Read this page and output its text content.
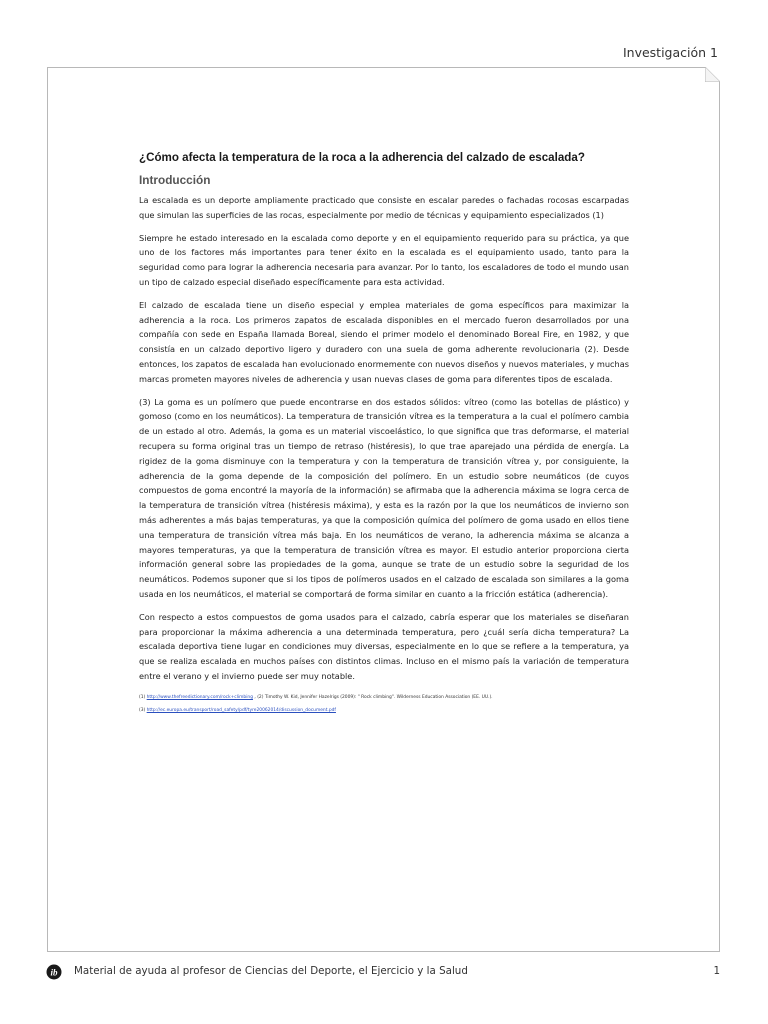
Investigación 1
¿Cómo afecta la temperatura de la roca a la adherencia del calzado de escalada?
Introducción

La escalada es un deporte ampliamente practicado que consiste en escalar paredes o fachadas rocosas escarpadas que simulan las superficies de las rocas, especialmente por medio de técnicas y equipamiento especializados (1)

Siempre he estado interesado en la escalada como deporte y en el equipamiento requerido para su práctica, ya que uno de los factores más importantes para tener éxito en la escalada es el equipamiento usado, tanto para la seguridad como para lograr la adherencia necesaria para avanzar. Por lo tanto, los escaladores de todo el mundo usan un tipo de calzado especial diseñado específicamente para esta actividad.

El calzado de escalada tiene un diseño especial y emplea materiales de goma específicos para maximizar la adherencia a la roca. Los primeros zapatos de escalada disponibles en el mercado fueron desarrollados por una compañía con sede en España llamada Boreal, siendo el primer modelo el denominado Boreal Fire, en 1982, y que consistía en un calzado deportivo ligero y duradero con una suela de goma adherente revolucionaria (2). Desde entonces, los zapatos de escalada han evolucionado enormemente con nuevos diseños y nuevos materiales, y muchas marcas prometen mayores niveles de adherencia y usan nuevas clases de goma para diferentes tipos de escalada.

(3) La goma es un polímero que puede encontrarse en dos estados sólidos: vítreo (como las botellas de plástico) y gomoso (como en los neumáticos). La temperatura de transición vítrea es la temperatura a la cual el polímero cambia de un estado al otro. Además, la goma es un material viscoelástico, lo que significa que tras deformarse, el material recupera su forma original tras un tiempo de retraso (histéresis), lo que trae aparejado una pérdida de energía. La rigidez de la goma disminuye con la temperatura y con la temperatura de transición vítrea y, por consiguiente, la adherencia de la goma depende de la composición del polímero. En un estudio sobre neumáticos (de cuyos compuestos de goma encontré la mayoría de la información) se afirmaba que la adherencia máxima se logra cerca de la temperatura de transición vítrea (histéresis máxima), y esta es la razón por la que los neumáticos de invierno son más adherentes a más bajas temperaturas, ya que la composición química del polímero de goma usado en ellos tiene una temperatura de transición vítrea más baja. En los neumáticos de verano, la adherencia máxima se alcanza a mayores temperaturas, ya que la temperatura de transición vítrea es mayor. El estudio anterior proporciona cierta información general sobre las propiedades de la goma, aunque se trate de un estudio sobre la seguridad de los neumáticos. Podemos suponer que si los tipos de polímeros usados en el calzado de escalada son similares a la goma usada en los neumáticos, el material se comportará de forma similar en cuanto a la fricción estática (adherencia).

Con respecto a estos compuestos de goma usados para el calzado, cabría esperar que los materiales se diseñaran para proporcionar la máxima adherencia a una determinada temperatura, pero ¿cuál sería dicha temperatura? La escalada deportiva tiene lugar en condiciones muy diversas, especialmente en lo que se refiere a la temperatura, ya que se realiza escalada en muchos países con distintos climas. Incluso en el mismo país la variación de temperatura entre el verano y el invierno puede ser muy notable.

(1) http://www.thefreedictionary.com/rock+climbing , (2) Timothy W. Kid, Jennifer Hazelrigs (2009): " Rock climbing". Wilderness Education Association (EE. UU.).
(3) http://ec.europa.eu/transport/road_safety/pdf/tyre20062014/discussion_document.pdf
ib Material de ayuda al profesor de Ciencias del Deporte, el Ejercicio y la Salud	1
